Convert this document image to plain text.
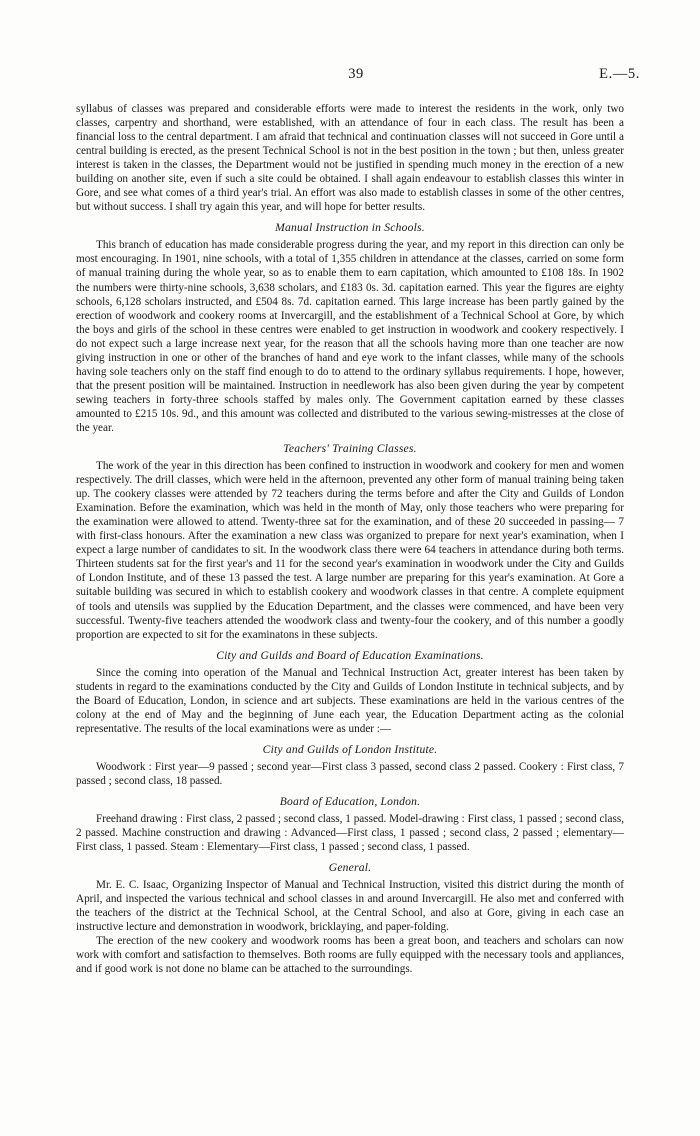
39	E.—5.

syllabus of classes was prepared and considerable efforts were made to interest the residents in the work, only two classes, carpentry and shorthand, were established, with an attendance of four in each class. The result has been a financial loss to the central department. I am afraid that technical and continuation classes will not succeed in Gore until a central building is erected, as the present Technical School is not in the best position in the town ; but then, unless greater interest is taken in the classes, the Department would not be justified in spending much money in the erection of a new building on another site, even if such a site could be obtained. I shall again endeavour to establish classes this winter in Gore, and see what comes of a third year's trial. An effort was also made to establish classes in some of the other centres, but without success. I shall try again this year, and will hope for better results.

Manual Instruction in Schools.

This branch of education has made considerable progress during the year, and my report in this direction can only be most encouraging. In 1901, nine schools, with a total of 1,355 children in attendance at the classes, carried on some form of manual training during the whole year, so as to enable them to earn capitation, which amounted to £108 18s. In 1902 the numbers were thirty-nine schools, 3,638 scholars, and £183 0s. 3d. capitation earned. This year the figures are eighty schools, 6,128 scholars instructed, and £504 8s. 7d. capitation earned. This large increase has been partly gained by the erection of woodwork and cookery rooms at Invercargill, and the establishment of a Technical School at Gore, by which the boys and girls of the school in these centres were enabled to get instruction in woodwork and cookery respectively. I do not expect such a large increase next year, for the reason that all the schools having more than one teacher are now giving instruction in one or other of the branches of hand and eye work to the infant classes, while many of the schools having sole teachers only on the staff find enough to do to attend to the ordinary syllabus requirements. I hope, however, that the present position will be maintained. Instruction in needlework has also been given during the year by competent sewing teachers in forty-three schools staffed by males only. The Government capitation earned by these classes amounted to £215 10s. 9d., and this amount was collected and distributed to the various sewing-mistresses at the close of the year.

Teachers' Training Classes.

The work of the year in this direction has been confined to instruction in woodwork and cookery for men and women respectively. The drill classes, which were held in the afternoon, prevented any other form of manual training being taken up. The cookery classes were attended by 72 teachers during the terms before and after the City and Guilds of London Examination. Before the examination, which was held in the month of May, only those teachers who were preparing for the examination were allowed to attend. Twenty-three sat for the examination, and of these 20 succeeded in passing— 7 with first-class honours. After the examination a new class was organized to prepare for next year's examination, when I expect a large number of candidates to sit. In the woodwork class there were 64 teachers in attendance during both terms. Thirteen students sat for the first year's and 11 for the second year's examination in woodwork under the City and Guilds of London Institute, and of these 13 passed the test. A large number are preparing for this year's examination. At Gore a suitable building was secured in which to establish cookery and woodwork classes in that centre. A complete equipment of tools and utensils was supplied by the Education Department, and the classes were commenced, and have been very successful. Twenty-five teachers attended the woodwork class and twenty-four the cookery, and of this number a goodly proportion are expected to sit for the examinatons in these subjects.

City and Guilds and Board of Education Examinations.

Since the coming into operation of the Manual and Technical Instruction Act, greater interest has been taken by students in regard to the examinations conducted by the City and Guilds of London Institute in technical subjects, and by the Board of Education, London, in science and art subjects. These examinations are held in the various centres of the colony at the end of May and the beginning of June each year, the Education Department acting as the colonial representative. The results of the local examinations were as under :—

City and Guilds of London Institute.

Woodwork : First year—9 passed ; second year—First class 3 passed, second class 2 passed. Cookery : First class, 7 passed ; second class, 18 passed.

Board of Education, London.

Freehand drawing : First class, 2 passed ; second class, 1 passed. Model-drawing : First class, 1 passed ; second class, 2 passed. Machine construction and drawing : Advanced—First class, 1 passed ; second class, 2 passed ; elementary—First class, 1 passed. Steam : Elementary—First class, 1 passed ; second class, 1 passed.

General.

Mr. E. C. Isaac, Organizing Inspector of Manual and Technical Instruction, visited this district during the month of April, and inspected the various technical and school classes in and around Invercargill. He also met and conferred with the teachers of the district at the Technical School, at the Central School, and also at Gore, giving in each case an instructive lecture and demonstration in woodwork, bricklaying, and paper-folding.

The erection of the new cookery and woodwork rooms has been a great boon, and teachers and scholars can now work with comfort and satisfaction to themselves. Both rooms are fully equipped with the necessary tools and appliances, and if good work is not done no blame can be attached to the surroundings.
